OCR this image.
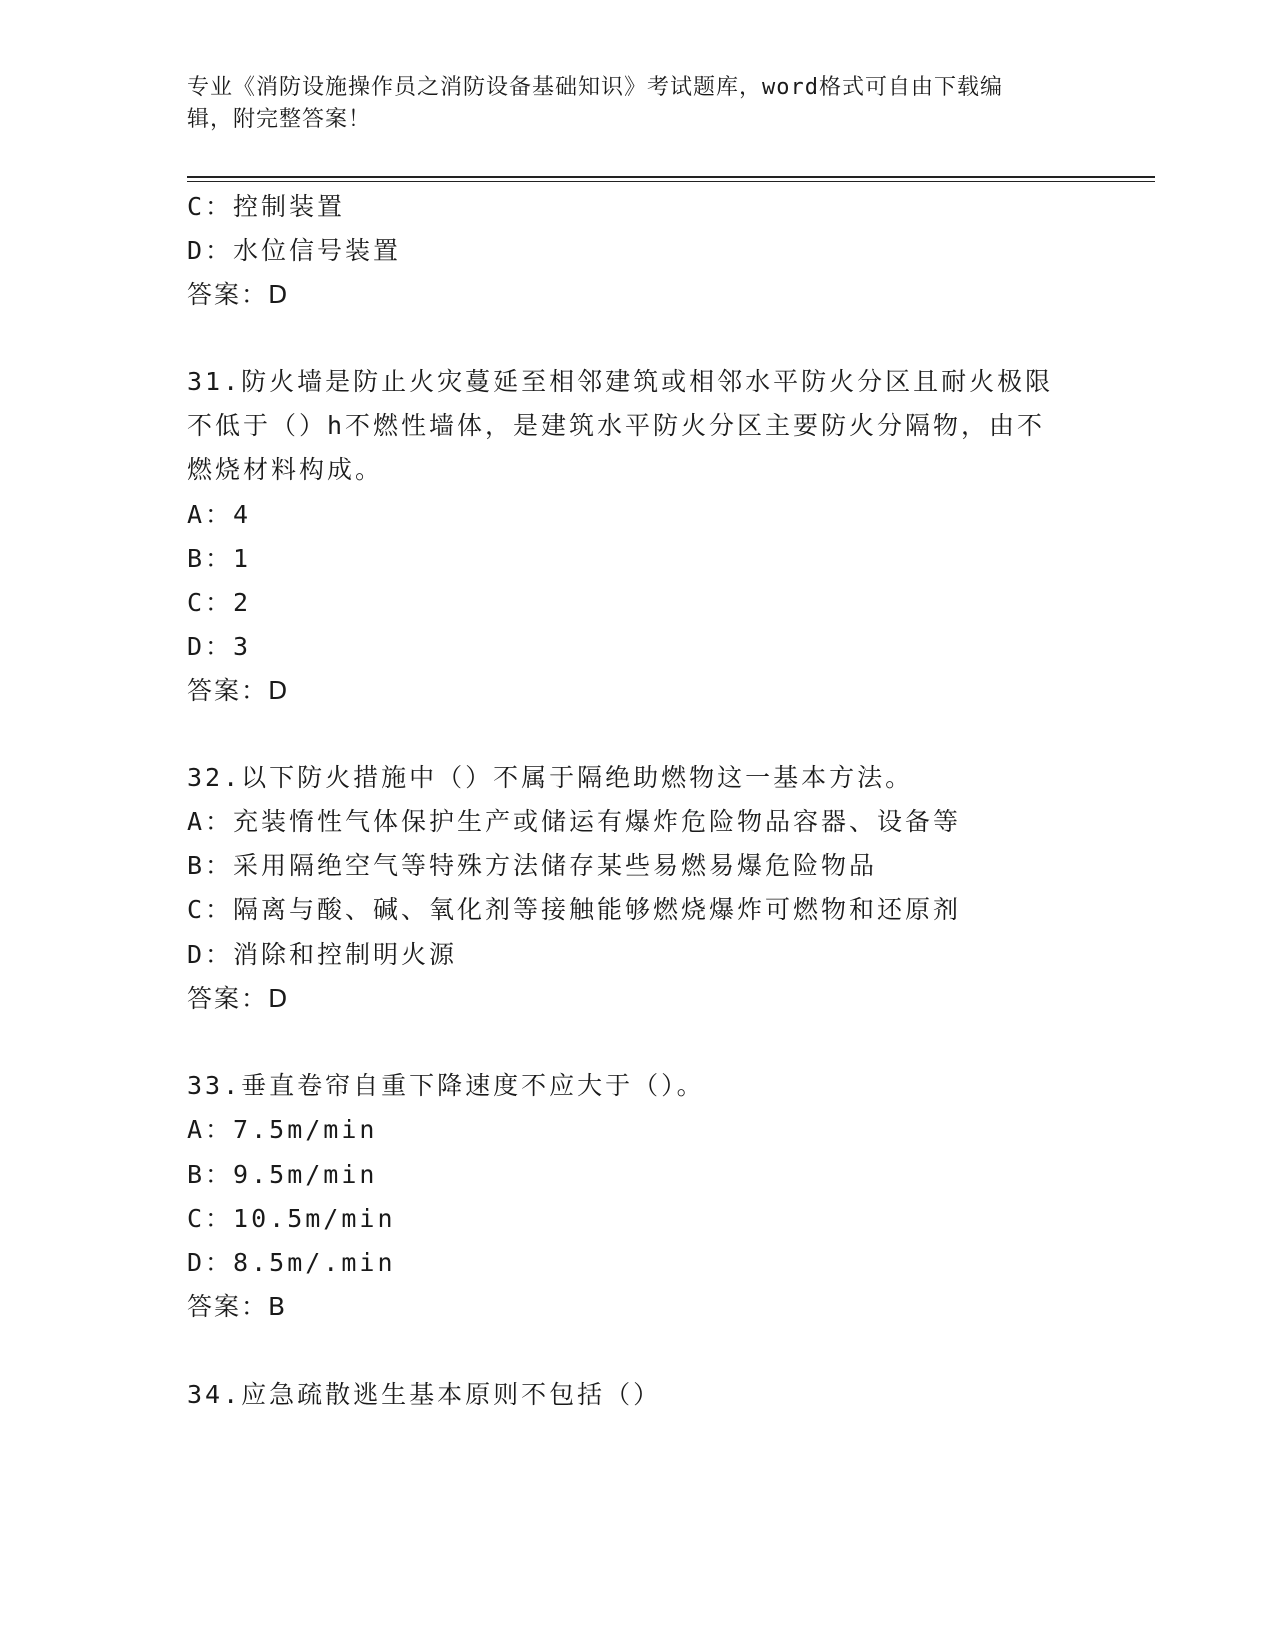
专业《消防设施操作员之消防设备基础知识》考试题库，word格式可自由下载编
辑，附完整答案！
C：控制装置
D：水位信号装置
答案：D
31.防火墙是防止火灾蔓延至相邻建筑或相邻水平防火分区且耐火极限
不低于（）h不燃性墙体，是建筑水平防火分区主要防火分隔物，由不
燃烧材料构成。
A：4
B：1
C：2
D：3
答案：D
32.以下防火措施中（）不属于隔绝助燃物这一基本方法。
A：充装惰性气体保护生产或储运有爆炸危险物品容器、设备等
B：采用隔绝空气等特殊方法储存某些易燃易爆危险物品
C：隔离与酸、碱、氧化剂等接触能够燃烧爆炸可燃物和还原剂
D：消除和控制明火源
答案：D
33.垂直卷帘自重下降速度不应大于（）。
A：7.5m/min
B：9.5m/min
C：10.5m/min
D：8.5m/.min
答案：B
34.应急疏散逃生基本原则不包括（）
